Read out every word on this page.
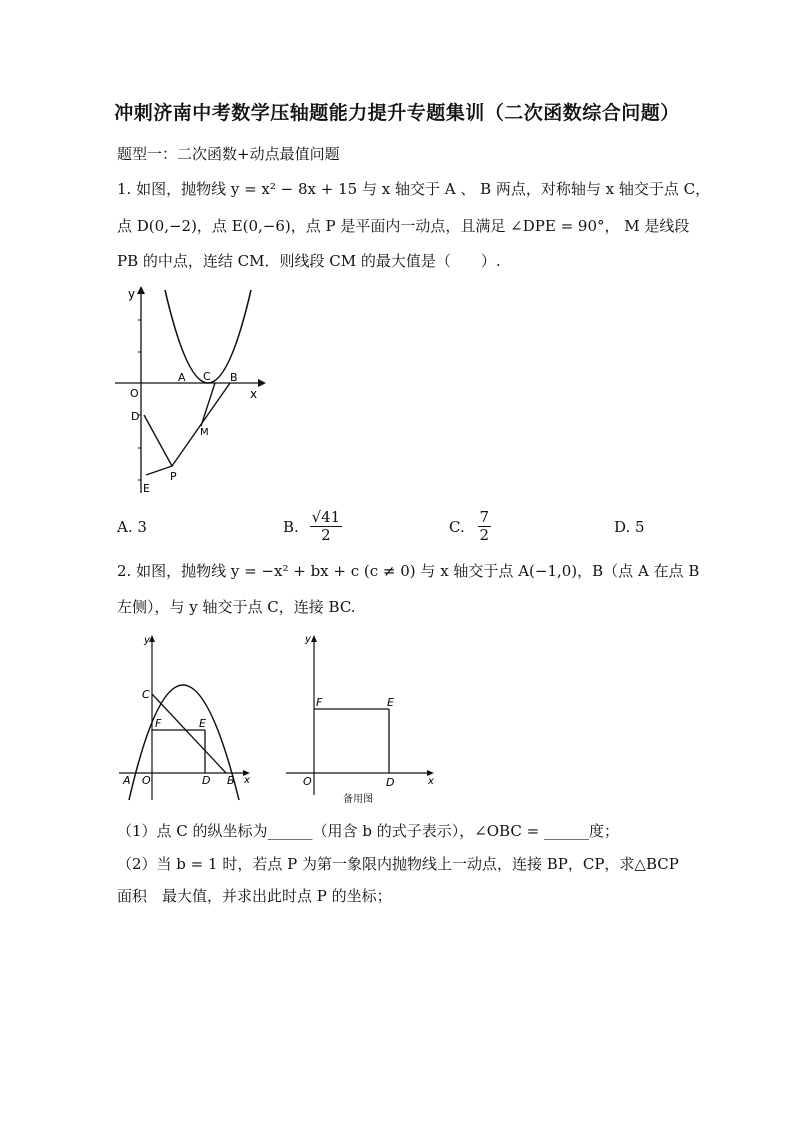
冲刺济南中考数学压轴题能力提升专题集训（二次函数综合问题）
题型一：二次函数+动点最值问题
1. 如图，抛物线 y = x² − 8x + 15 与 x 轴交于 A 、 B 两点，对称轴与 x 轴交于点 C，
点 D(0,−2)，点 E(0,−6)，点 P 是平面内一动点，且满足 ∠DPE = 90°， M 是线段
PB 的中点，连结 CM．则线段 CM 的最大值是（　　）.
y
x
O
A C B
D
M
P
E
A. 3	B. $\frac{√41}{2}$	C. $\frac{7}{2}$	D. 5
2. 如图，抛物线 y = −x² + bx + c (c ≠ 0) 与 x 轴交于点 A(−1,0)，B（点 A 在点 B
左侧），与 y 轴交于点 C，连接 BC.
y
x
A O	D B
C
F	E
y
x
O	D
F	E
备用图
（1）点 C 的纵坐标为______（用含 b 的式子表示），∠OBC = ______度；
（2）当 b = 1 时，若点 P 为第一象限内抛物线上一动点，连接 BP，CP，求△BCP
面积　最大值，并求出此时点 P 的坐标；
